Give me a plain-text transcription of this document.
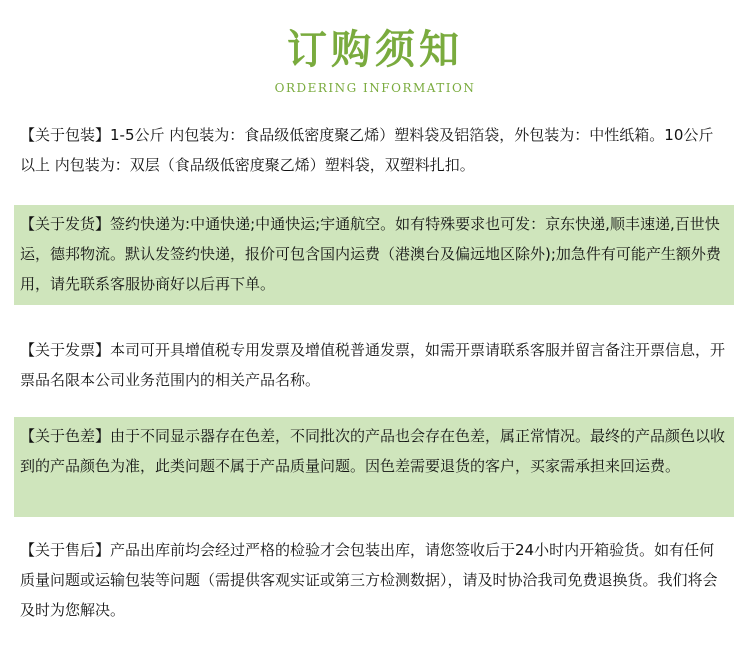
订购须知
ORDERING INFORMATION
【关于包装】1-5公斤 内包装为：食品级低密度聚乙烯）塑料袋及铝箔袋，外包装为：中性纸箱。10公斤以上 内包装为：双层（食品级低密度聚乙烯）塑料袋，双塑料扎扣。
【关于发货】签约快递为:中通快递;中通快运;宇通航空。如有特殊要求也可发：京东快递,顺丰速递,百世快运，德邦物流。默认发签约快递，报价可包含国内运费（港澳台及偏远地区除外);加急件有可能产生额外费用，请先联系客服协商好以后再下单。
【关于发票】本司可开具增值税专用发票及增值税普通发票，如需开票请联系客服并留言备注开票信息，开票品名限本公司业务范围内的相关产品名称。
【关于色差】由于不同显示器存在色差，不同批次的产品也会存在色差，属正常情况。最终的产品颜色以收到的产品颜色为准，此类问题不属于产品质量问题。因色差需要退货的客户，买家需承担来回运费。
【关于售后】产品出库前均会经过严格的检验才会包装出库，请您签收后于24小时内开箱验货。如有任何质量问题或运输包装等问题（需提供客观实证或第三方检测数据），请及时协洽我司免费退换货。我们将会及时为您解决。
